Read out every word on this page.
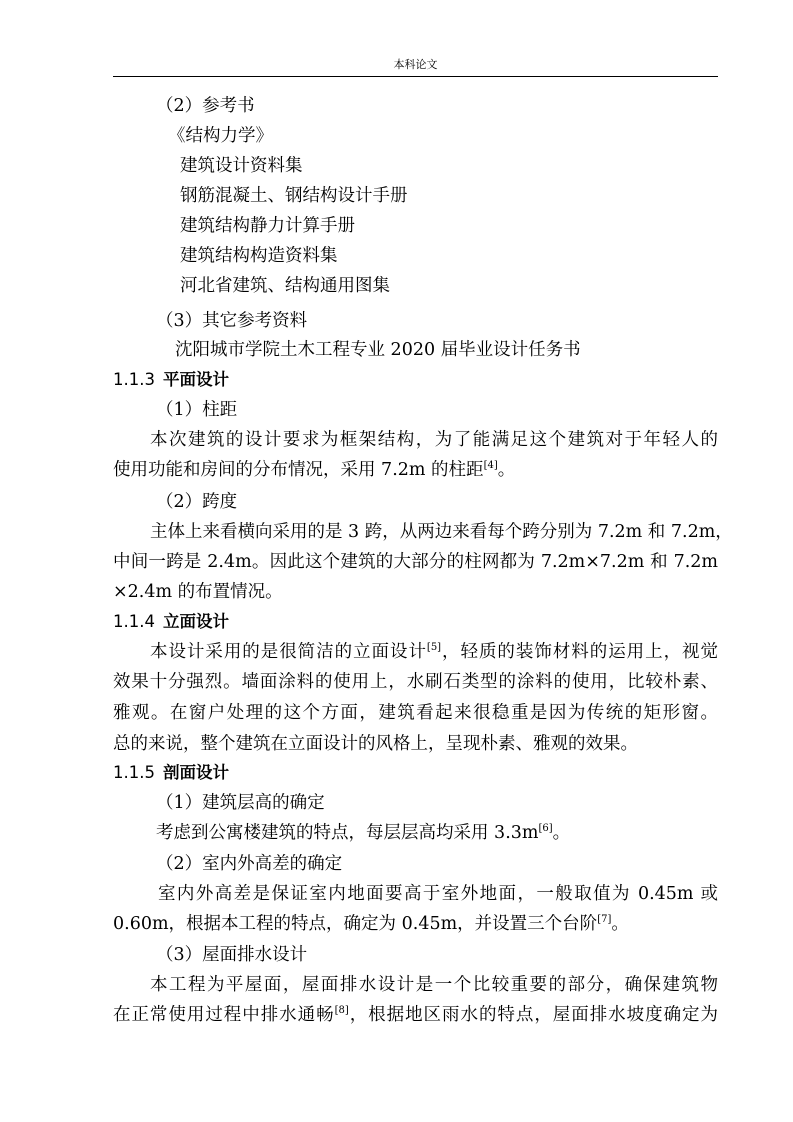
本科论文
（2）参考书
《结构力学》
建筑设计资料集
钢筋混凝土、钢结构设计手册
建筑结构静力计算手册
建筑结构构造资料集
河北省建筑、结构通用图集
（3）其它参考资料
沈阳城市学院土木工程专业 2020 届毕业设计任务书
1.1.3 平面设计
（1）柱距
本次建筑的设计要求为框架结构，为了能满足这个建筑对于年轻人的
使用功能和房间的分布情况，采用 7.2m 的柱距[4]。
（2）跨度
主体上来看横向采用的是 3 跨，从两边来看每个跨分别为 7.2m 和 7.2m，
中间一跨是 2.4m。因此这个建筑的大部分的柱网都为 7.2m×7.2m 和 7.2m
×2.4m 的布置情况。
1.1.4 立面设计
本设计采用的是很简洁的立面设计[5]，轻质的装饰材料的运用上，视觉
效果十分强烈。墙面涂料的使用上，水刷石类型的涂料的使用，比较朴素、
雅观。在窗户处理的这个方面，建筑看起来很稳重是因为传统的矩形窗。
总的来说，整个建筑在立面设计的风格上，呈现朴素、雅观的效果。
1.1.5 剖面设计
（1）建筑层高的确定
考虑到公寓楼建筑的特点，每层层高均采用 3.3m[6]。
（2）室内外高差的确定
室内外高差是保证室内地面要高于室外地面，一般取值为 0.45m 或
0.60m，根据本工程的特点，确定为 0.45m，并设置三个台阶[7]。
（3）屋面排水设计
本工程为平屋面，屋面排水设计是一个比较重要的部分，确保建筑物
在正常使用过程中排水通畅[8]，根据地区雨水的特点，屋面排水坡度确定为
